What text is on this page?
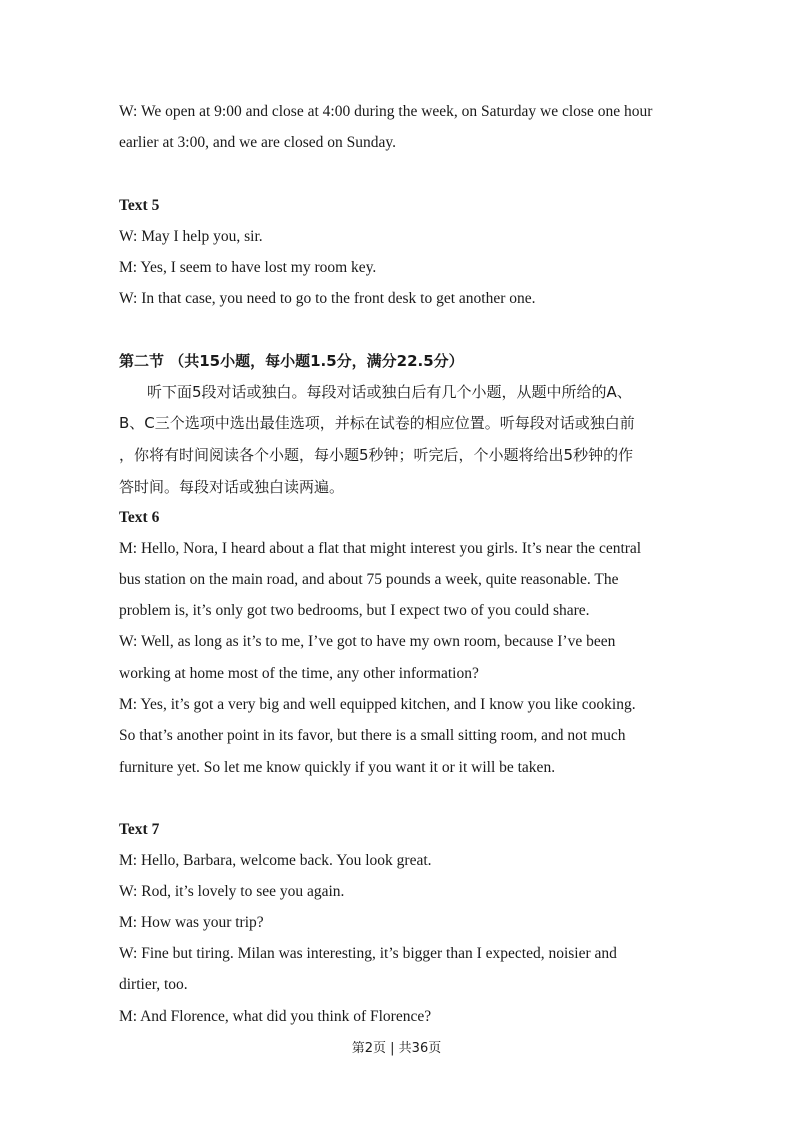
W: We open at 9:00 and close at 4:00 during the week, on Saturday we close one hour
earlier at 3:00, and we are closed on Sunday.
Text 5
W: May I help you, sir.
M: Yes, I seem to have lost my room key.
W: In that case, you need to go to the front desk to get another one.
第二节 （共15小题，每小题1.5分，满分22.5分）
听下面5段对话或独白。每段对话或独白后有几个小题，从题中所给的A、
B、C三个选项中选出最佳选项，并标在试卷的相应位置。听每段对话或独白前
，你将有时间阅读各个小题，每小题5秒钟；听完后，个小题将给出5秒钟的作
答时间。每段对话或独白读两遍。
Text 6
M: Hello, Nora, I heard about a flat that might interest you girls. It’s near the central
bus station on the main road, and about 75 pounds a week, quite reasonable. The
problem is, it’s only got two bedrooms, but I expect two of you could share.
W: Well, as long as it’s to me, I’ve got to have my own room, because I’ve been
working at home most of the time, any other information?
M: Yes, it’s got a very big and well equipped kitchen, and I know you like cooking.
So that’s another point in its favor, but there is a small sitting room, and not much
furniture yet. So let me know quickly if you want it or it will be taken.
Text 7
M: Hello, Barbara, welcome back. You look great.
W: Rod, it’s lovely to see you again.
M: How was your trip?
W: Fine but tiring. Milan was interesting, it’s bigger than I expected, noisier and
dirtier, too.
M: And Florence, what did you think of Florence?
第2页 | 共36页
